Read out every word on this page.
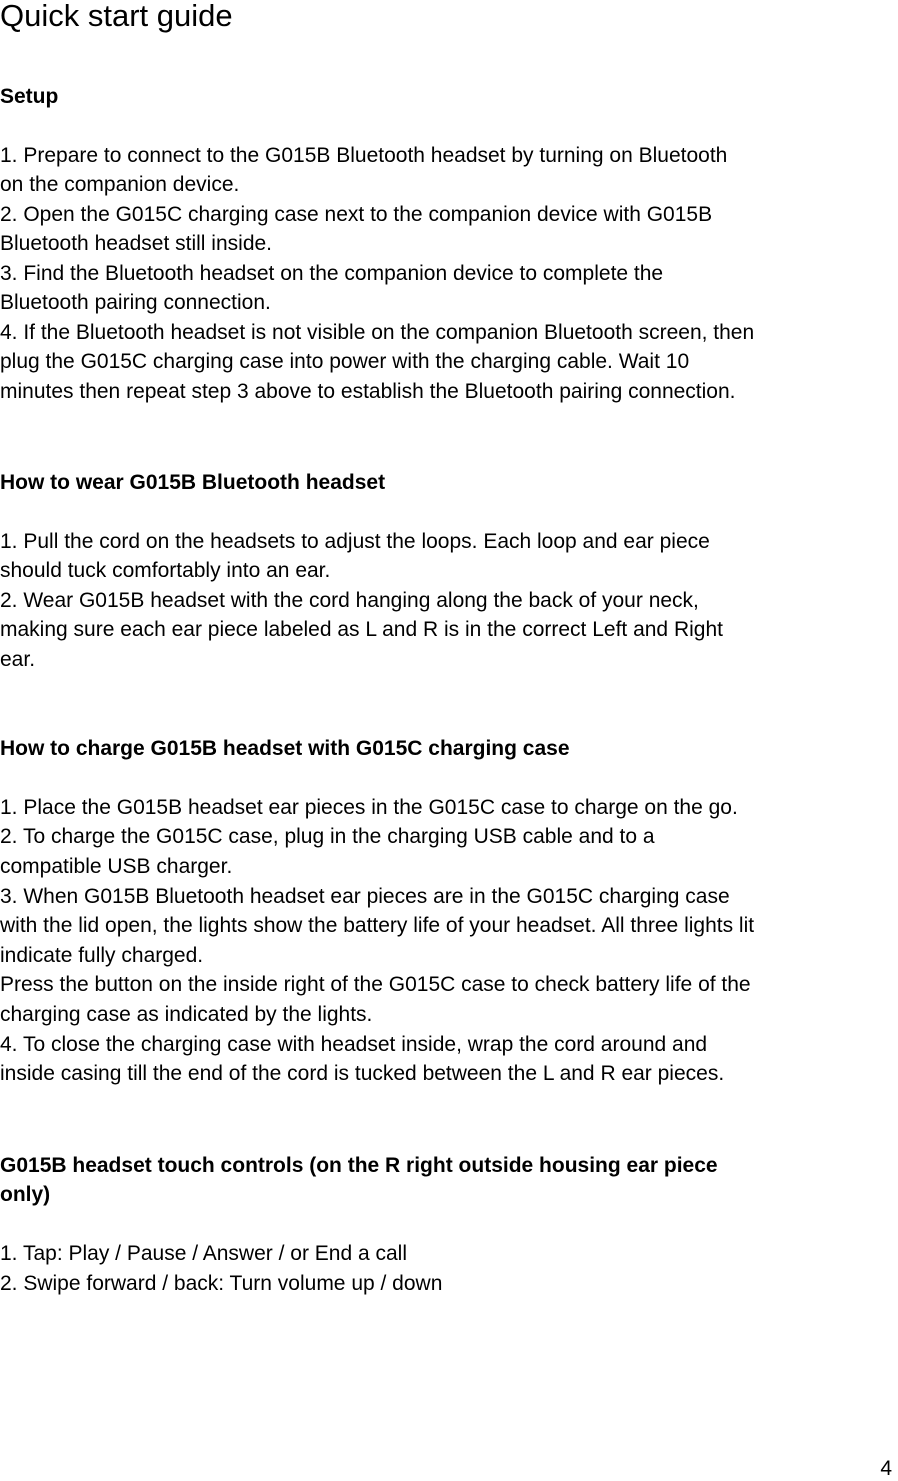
Quick start guide
Setup

1. Prepare to connect to the G015B Bluetooth headset by turning on Bluetooth

on the companion device.

2. Open the G015C charging case next to the companion device with G015B

Bluetooth headset still inside.

3. Find the Bluetooth headset on the companion device to complete the

Bluetooth pairing connection.

4. If the Bluetooth headset is not visible on the companion Bluetooth screen, then

plug the G015C charging case into power with the charging cable. Wait 10

minutes then repeat step 3 above to establish the Bluetooth pairing connection.

How to wear G015B Bluetooth headset

1. Pull the cord on the headsets to adjust the loops. Each loop and ear piece

should tuck comfortably into an ear.

2. Wear G015B headset with the cord hanging along the back of your neck,

making sure each ear piece labeled as L and R is in the correct Left and Right

ear.

How to charge G015B headset with G015C charging case

1. Place the G015B headset ear pieces in the G015C case to charge on the go.

2. To charge the G015C case, plug in the charging USB cable and to a

compatible USB charger.

3. When G015B Bluetooth headset ear pieces are in the G015C charging case

with the lid open, the lights show the battery life of your headset. All three lights lit

indicate fully charged.

Press the button on the inside right of the G015C case to check battery life of the

charging case as indicated by the lights.

4. To close the charging case with headset inside, wrap the cord around and

inside casing till the end of the cord is tucked between the L and R ear pieces.

G015B headset touch controls (on the R right outside housing ear piece
only)

1. Tap: Play / Pause / Answer / or End a call

2. Swipe forward / back: Turn volume up / down

4
